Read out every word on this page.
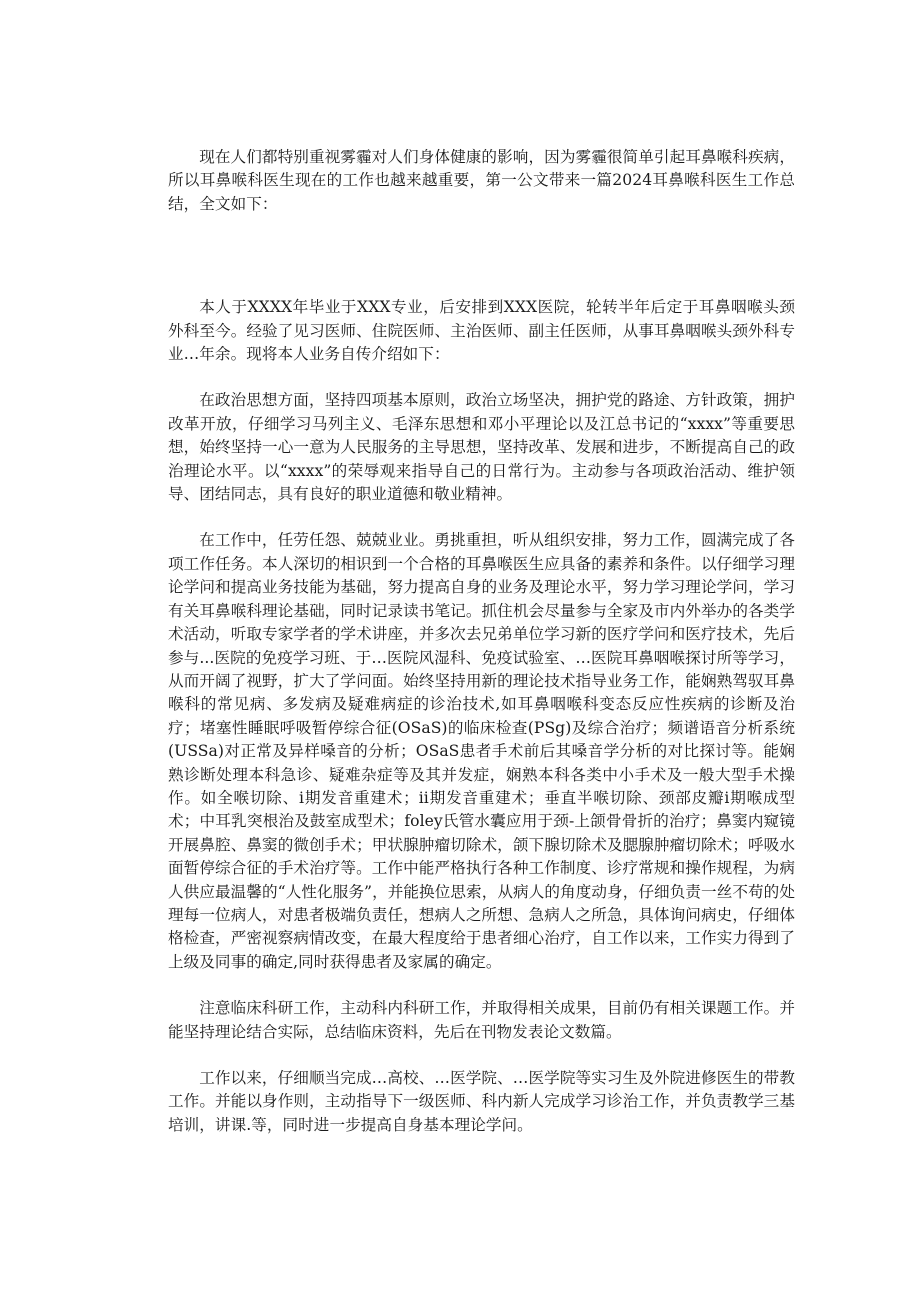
现在人们都特别重视雾霾对人们身体健康的影响，因为雾霾很简单引起耳鼻喉科疾病，所以耳鼻喉科医生现在的工作也越来越重要，第一公文带来一篇2024耳鼻喉科医生工作总结，全文如下：

本人于XXXX年毕业于XXX专业，后安排到XXX医院，轮转半年后定于耳鼻咽喉头颈外科至今。经验了见习医师、住院医师、主治医师、副主任医师，从事耳鼻咽喉头颈外科专业…年余。现将本人业务自传介绍如下：

在政治思想方面，坚持四项基本原则，政治立场坚决，拥护党的路途、方针政策，拥护改革开放，仔细学习马列主义、毛泽东思想和邓小平理论以及江总书记的“xxxx”等重要思想，始终坚持一心一意为人民服务的主导思想，坚持改革、发展和进步，不断提高自己的政治理论水平。以“xxxx”的荣辱观来指导自己的日常行为。主动参与各项政治活动、维护领导、团结同志，具有良好的职业道德和敬业精神。

在工作中，任劳任怨、兢兢业业。勇挑重担，听从组织安排，努力工作，圆满完成了各项工作任务。本人深切的相识到一个合格的耳鼻喉医生应具备的素养和条件。以仔细学习理论学问和提高业务技能为基础，努力提高自身的业务及理论水平，努力学习理论学问，学习有关耳鼻喉科理论基础，同时记录读书笔记。抓住机会尽量参与全家及市内外举办的各类学术活动，听取专家学者的学术讲座，并多次去兄弟单位学习新的医疗学问和医疗技术，先后参与...医院的免疫学习班、于…医院风湿科、免疫试验室、…医院耳鼻咽喉探讨所等学习，从而开阔了视野，扩大了学问面。始终坚持用新的理论技术指导业务工作，能娴熟驾驭耳鼻喉科的常见病、多发病及疑难病症的诊治技术,如耳鼻咽喉科变态反应性疾病的诊断及治疗；堵塞性睡眠呼吸暂停综合征(OSaS)的临床检查(PSg)及综合治疗；频谱语音分析系统(USSa)对正常及异样嗓音的分析；OSaS患者手术前后其嗓音学分析的对比探讨等。能娴熟诊断处理本科急诊、疑难杂症等及其并发症，娴熟本科各类中小手术及一般大型手术操作。如全喉切除、i期发音重建术；ii期发音重建术；垂直半喉切除、颈部皮瓣i期喉成型术；中耳乳突根治及鼓室成型术；foley氏管水囊应用于颈-上颌骨骨折的治疗；鼻窦内窥镜开展鼻腔、鼻窦的微创手术；甲状腺肿瘤切除术，颌下腺切除术及腮腺肿瘤切除术；呼吸水面暂停综合征的手术治疗等。工作中能严格执行各种工作制度、诊疗常规和操作规程，为病人供应最温馨的“人性化服务”，并能换位思索，从病人的角度动身，仔细负责一丝不苟的处理每一位病人，对患者极端负责任，想病人之所想、急病人之所急，具体询问病史，仔细体格检查，严密视察病情改变，在最大程度给于患者细心治疗，自工作以来，工作实力得到了上级及同事的确定,同时获得患者及家属的确定。

注意临床科研工作，主动科内科研工作，并取得相关成果，目前仍有相关课题工作。并能坚持理论结合实际，总结临床资料，先后在刊物发表论文数篇。

工作以来，仔细顺当完成…高校、…医学院、…医学院等实习生及外院进修医生的带教工作。并能以身作则，主动指导下一级医师、科内新人完成学习诊治工作，并负责教学三基培训，讲课.等，同时进一步提高自身基本理论学问。
